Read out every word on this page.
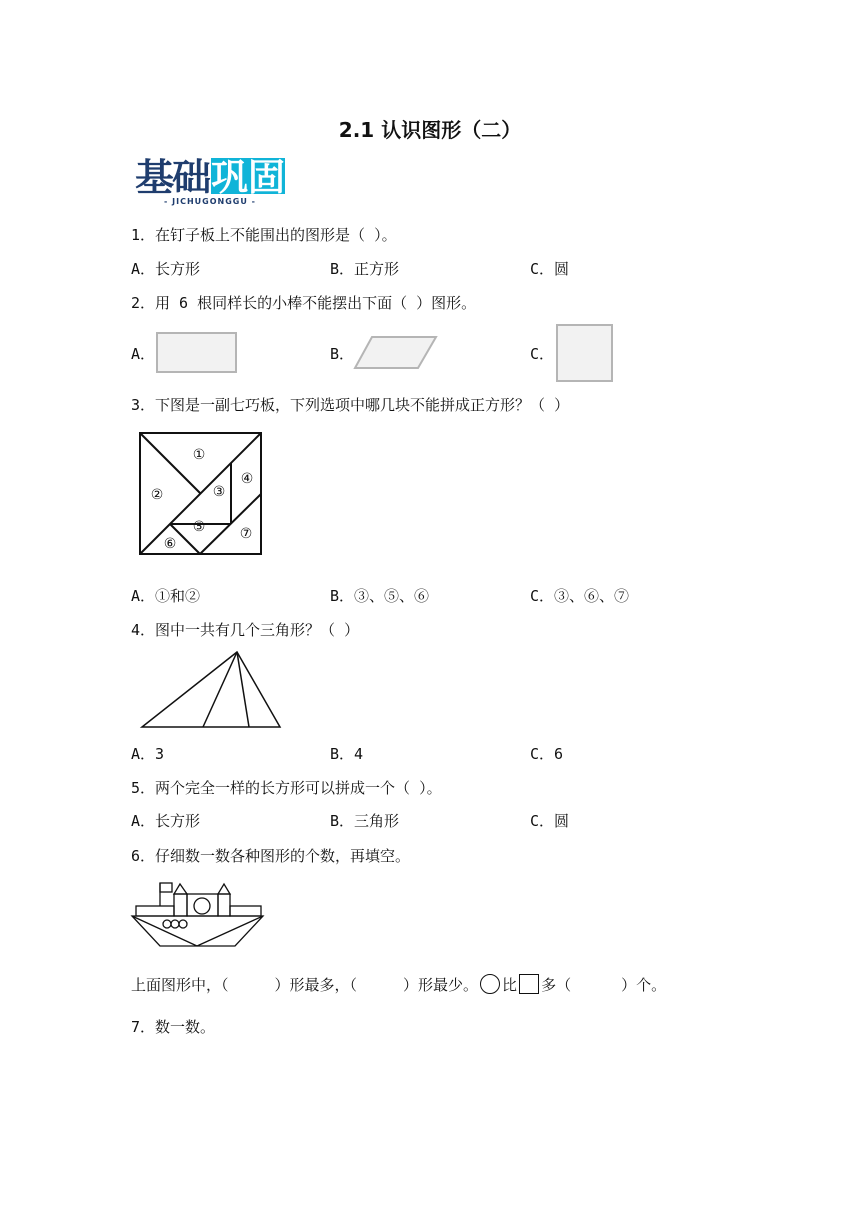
2.1 认识图形（二）
基础 巩固
- JICHUGONGGU -
1．在钉子板上不能围出的图形是（ ）。
A．长方形	B．正方形	C．圆
2．用 6 根同样长的小棒不能摆出下面（ ）图形。
A．	B．	C．
3．下图是一副七巧板，下列选项中哪几块不能拼成正方形？（ ）
①
②	③
④
⑤
⑥
⑦
A．①和②	B．③、⑤、⑥	C．③、⑥、⑦
4．图中一共有几个三角形？（ ）
A．3	B．4	C．6
5．两个完全一样的长方形可以拼成一个（ ）。
A．长方形	B．三角形	C．圆
6．仔细数一数各种图形的个数，再填空。
上面图形中，（	）形最多，（	）形最少。 比 多（	）个。
7．数一数。
